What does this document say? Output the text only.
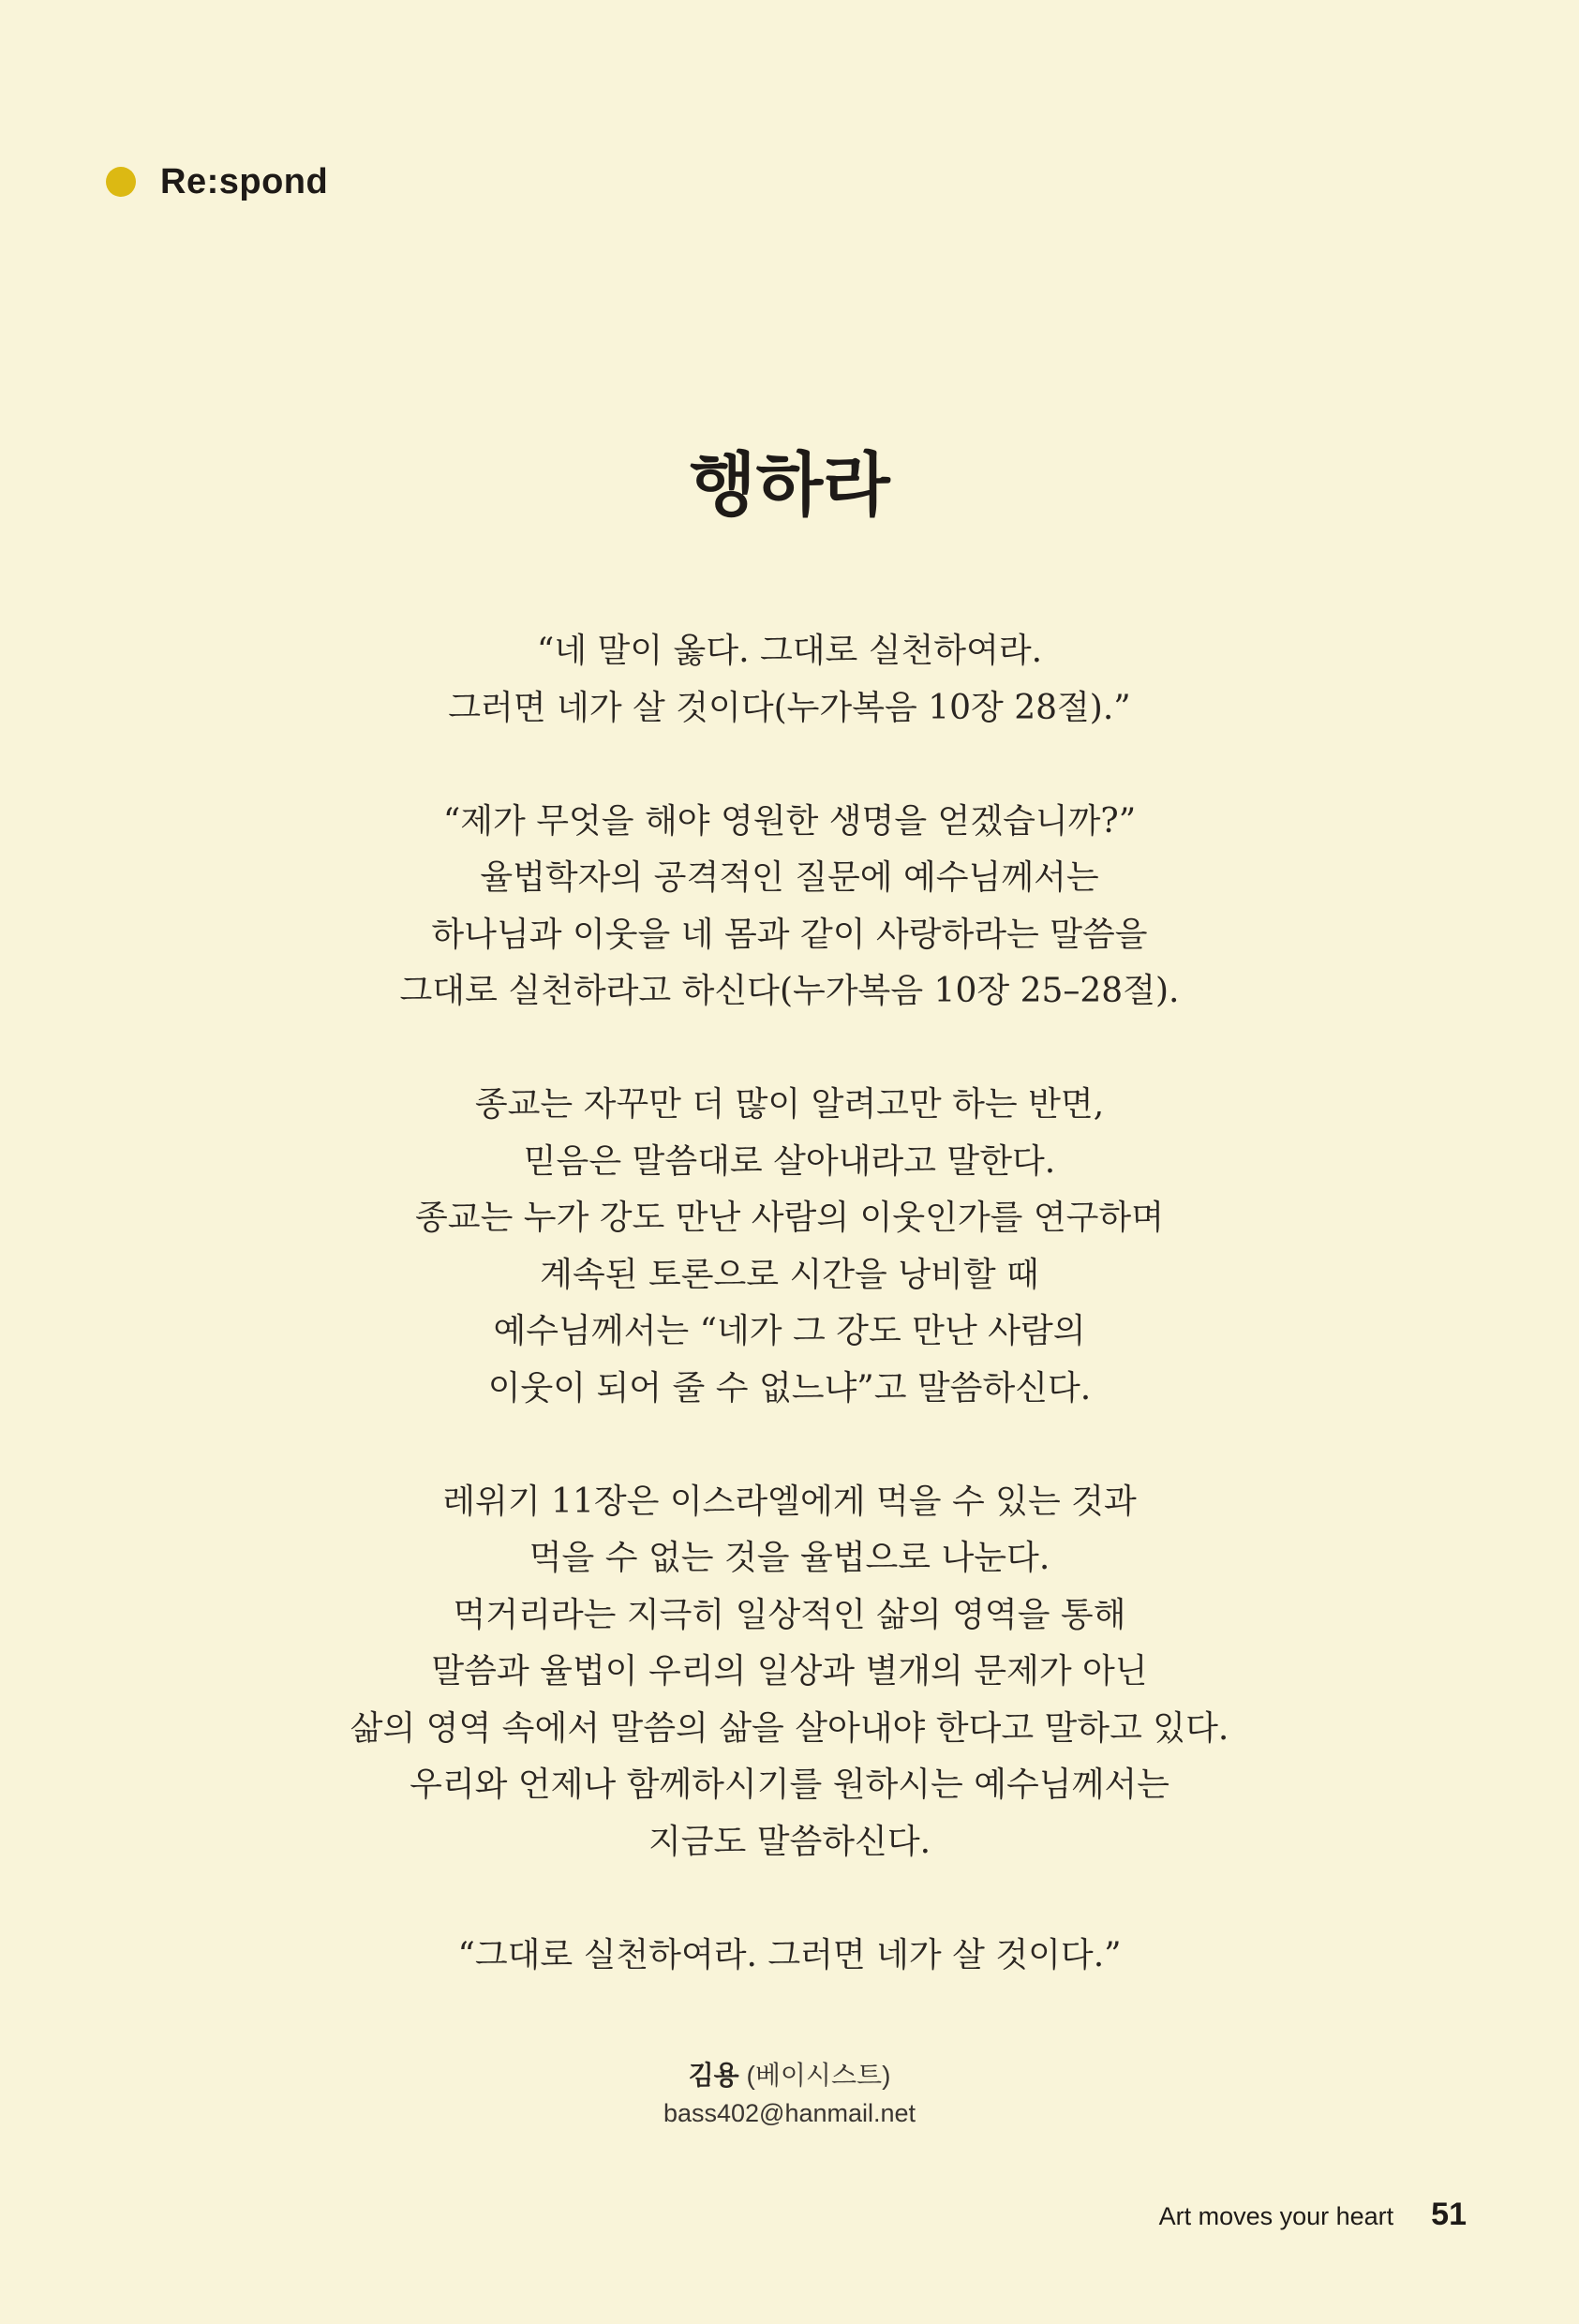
Re:spond
행하라
“네 말이 옳다. 그대로 실천하여라.
그러면 네가 살 것이다(누가복음 10장 28절).”
“제가 무엇을 해야 영원한 생명을 얻겠습니까?”
율법학자의 공격적인 질문에 예수님께서는
하나님과 이웃을 네 몸과 같이 사랑하라는 말씀을
그대로 실천하라고 하신다(누가복음 10장 25–28절).
종교는 자꾸만 더 많이 알려고만 하는 반면,
믿음은 말씀대로 살아내라고 말한다.
종교는 누가 강도 만난 사람의 이웃인가를 연구하며
계속된 토론으로 시간을 낭비할 때
예수님께서는 “네가 그 강도 만난 사람의
이웃이 되어 줄 수 없느냐”고 말씀하신다.
레위기 11장은 이스라엘에게 먹을 수 있는 것과
먹을 수 없는 것을 율법으로 나눈다.
먹거리라는 지극히 일상적인 삶의 영역을 통해
말씀과 율법이 우리의 일상과 별개의 문제가 아닌
삶의 영역 속에서 말씀의 삶을 살아내야 한다고 말하고 있다.
우리와 언제나 함께하시기를 원하시는 예수님께서는
지금도 말씀하신다.
“그대로 실천하여라. 그러면 네가 살 것이다.”
김용 (베이시스트)
bass402@hanmail.net
Art moves your heart 51
